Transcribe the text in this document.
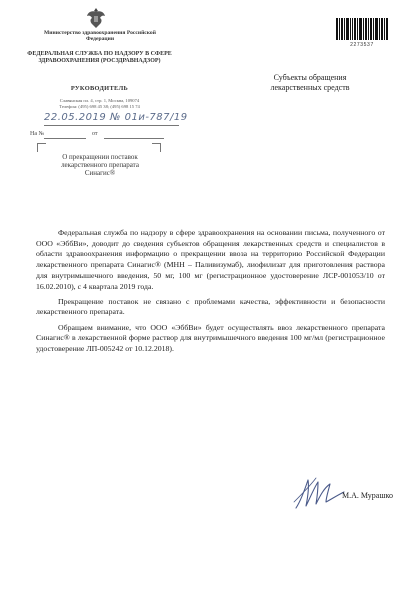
Министерство здравоохранения Российской Федерации
ФЕДЕРАЛЬНАЯ СЛУЖБА ПО НАДЗОРУ В СФЕРЕ ЗДРАВООХРАНЕНИЯ (РОСЗДРАВНАДЗОР)
РУКОВОДИТЕЛЬ
Славянская пл. 4, стр. 1, Москва, 109074
Телефон: (495) 698 45 38; (495) 698 15 74
22.05.2019 № 01и-787/19
На №	от
О прекращении поставок
лекарственного препарата
Синагис®
2273537
Субъекты обращения
лекарственных средств

Федеральная служба по надзору в сфере здравоохранения на основании письма, полученного от ООО «ЭббВи», доводит до сведения субъектов обращения лекарственных средств и специалистов в области здравоохранения информацию о прекращении ввоза на территорию Российской Федерации лекарственного препарата Синагис® (МНН – Паливизумаб), лиофилизат для приготовления раствора для внутримышечного введения, 50 мг, 100 мг (регистрационное удостоверение ЛСР-001053/10 от 16.02.2010), с 4 квартала 2019 года.

Прекращение поставок не связано с проблемами качества, эффективности и безопасности лекарственного препарата.

Обращаем внимание, что ООО «ЭббВи» будет осуществлять ввоз лекарственного препарата Синагис® в лекарственной форме раствор для внутримышечного введения 100 мг/мл (регистрационное удостоверение ЛП-005242 от 10.12.2018).

М.А. Мурашко
